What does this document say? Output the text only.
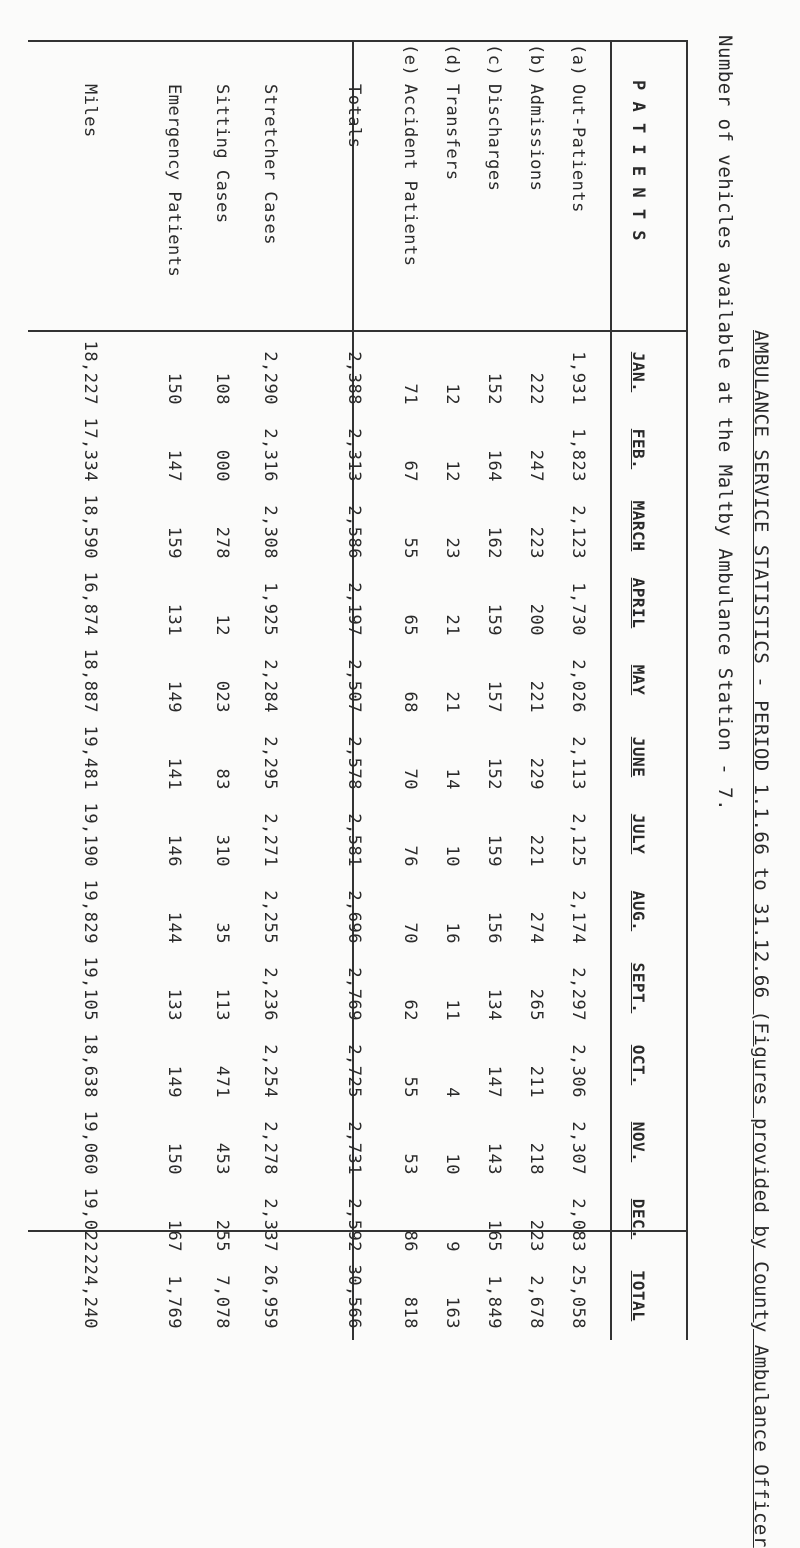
AMBULANCE SERVICE STATISTICS - PERIOD 1.1.66 to 31.12.66 (Figures provided by County Ambulance Officer
Number of vehicles available at the Maltby Ambulance Station - 7.
P A T I E N T S
JAN.
FEB.
MARCH
APRIL
MAY
JUNE
JULY
AUG.
SEPT.
OCT.
NOV.
DEC.
TOTAL
(a)Out-Patients
1,931
1,823
2,123
1,730
2,026
2,113
2,125
2,174
2,297
2,306
2,307
2,083
25,058
(b)Admissions
222
247
223
200
221
229
221
274
265
211
218
223
2,678
(c)Discharges
152
164
162
159
157
152
159
156
134
147
143
165
1,849
(d)Transfers
12
12
23
21
21
14
10
16
11
4
10
9
163
(e)Accident Patients
71
67
55
65
68
70
76
70
62
55
53
86
818
Totals
2,388
2,313
2,586
2,197
2,507
2,578
2,581
2,696
2,769
2,725
2,731
2,592
30,566
Stretcher Cases
2,290
2,316
2,308
1,925
2,284
2,295
2,271
2,255
2,236
2,254
2,278
2,337
26,959
Sitting Cases
108
000
278
12
023
83
310
35
113
471
453
255
7,078
Emergency Patients
150
147
159
131
149
141
146
144
133
149
150
167
1,769
Miles
18,227
17,334
18,590
16,874
18,887
19,481
19,190
19,829
19,105
18,638
19,060
19,022
224,240
